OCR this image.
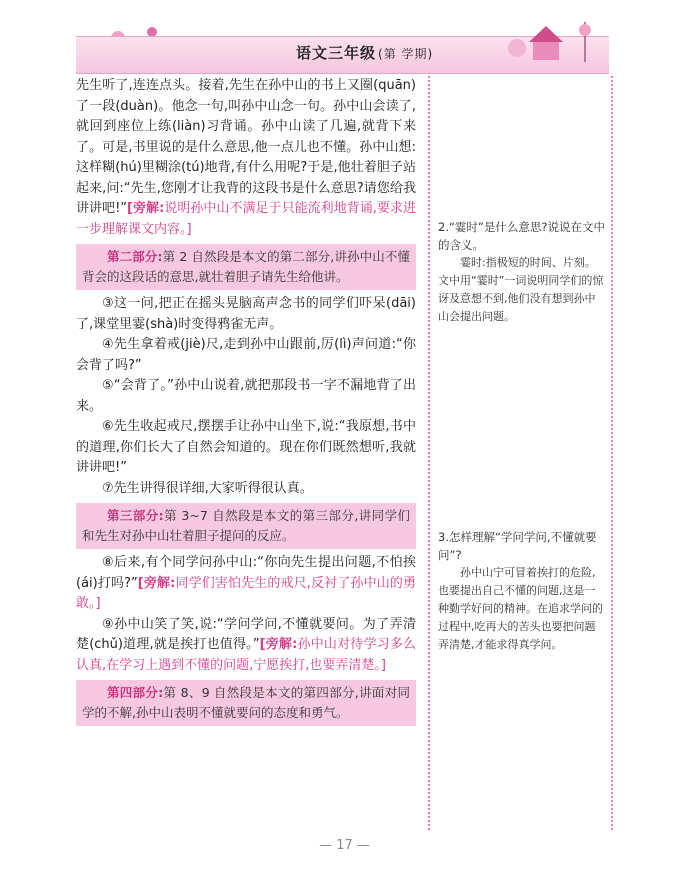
语文三年级 (第 学期)

先生听了,连连点头。接着,先生在孙中山的书上又圈(quān)了一段(duàn)。他念一句,叫孙中山念一句。孙中山会读了,就回到座位上练(liàn)习背诵。孙中山读了几遍,就背下来了。可是,书里说的是什么意思,他一点儿也不懂。孙中山想:这样糊(hú)里糊涂(tú)地背,有什么用呢?于是,他壮着胆子站起来,问:“先生,您刚才让我背的这段书是什么意思?请您给我讲讲吧!”[旁解:说明孙中山不满足于只能流利地背诵,要求进一步理解课文内容。]

第二部分:第 2 自然段是本文的第二部分,讲孙中山不懂背会的这段话的意思,就壮着胆子请先生给他讲。

③这一问,把正在摇头晃脑高声念书的同学们吓呆(dāi)了,课堂里霎(shà)时变得鸦雀无声。

④先生拿着戒(jiè)尺,走到孙中山跟前,厉(lì)声问道:“你会背了吗?”

⑤“会背了。”孙中山说着,就把那段书一字不漏地背了出来。

⑥先生收起戒尺,摆摆手让孙中山坐下,说:“我原想,书中的道理,你们长大了自然会知道的。现在你们既然想听,我就讲讲吧!”

⑦先生讲得很详细,大家听得很认真。

第三部分:第 3~7 自然段是本文的第三部分,讲同学们和先生对孙中山壮着胆子提问的反应。

⑧后来,有个同学问孙中山:“你向先生提出问题,不怕挨(ái)打吗?”[旁解:同学们害怕先生的戒尺,反衬了孙中山的勇敢。]

⑨孙中山笑了笑,说:“学问学问,不懂就要问。为了弄清楚(chǔ)道理,就是挨打也值得。”[旁解:孙中山对待学习多么认真,在学习上遇到不懂的问题,宁愿挨打,也要弄清楚。]

第四部分:第 8、9 自然段是本文的第四部分,讲面对同学的不解,孙中山表明不懂就要问的态度和勇气。

2.“霎时”是什么意思?说说在文中的含义。
霎时:指极短的时间、片刻。文中用“霎时”一词说明同学们的惊讶及意想不到,他们没有想到孙中山会提出问题。
3.怎样理解“学问学问,不懂就要问”?
孙中山宁可冒着挨打的危险,也要提出自己不懂的问题,这是一种勤学好问的精神。在追求学问的过程中,吃再大的苦头也要把问题弄清楚,才能求得真学问。
— 17 —
